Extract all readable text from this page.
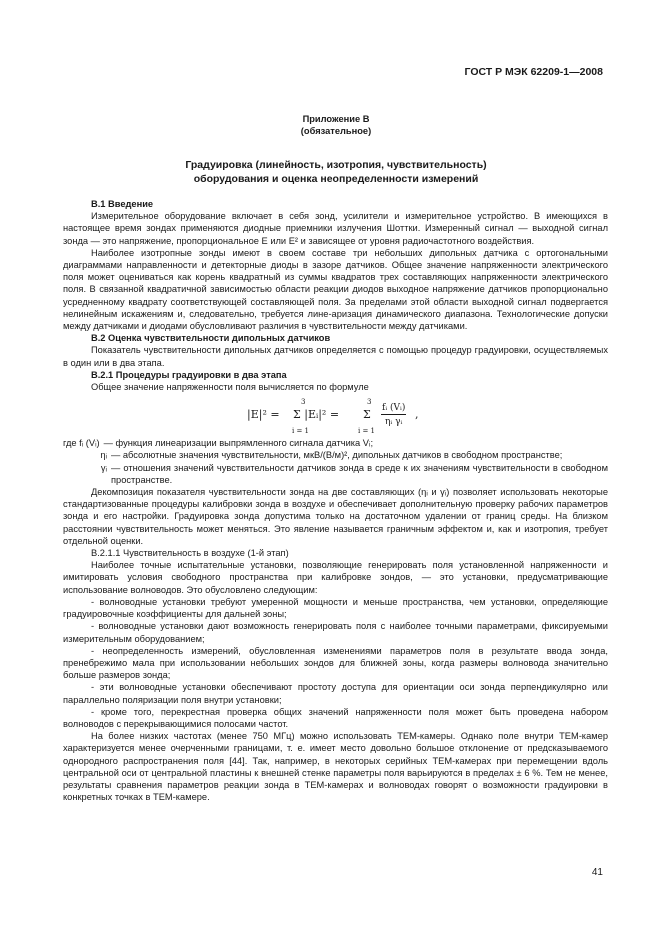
ГОСТ Р МЭК 62209-1—2008
Приложение В
(обязательное)
Градуировка (линейность, изотропия, чувствительность)
оборудования и оценка неопределенности измерений

В.1 Введение

Измерительное оборудование включает в себя зонд, усилители и измерительное устройство. В имеющихся в настоящее время зондах применяются диодные приемники излучения Шоттки. Измеренный сигнал — выходной сигнал зонда — это напряжение, пропорциональное E или E² и зависящее от уровня радиочастотного воздействия.

Наиболее изотропные зонды имеют в своем составе три небольших дипольных датчика с ортогональными диаграммами направленности и детекторные диоды в зазоре датчиков. Общее значение напряженности электрического поля может оцениваться как корень квадратный из суммы квадратов трех составляющих напряженности электрического поля. В связанной квадратичной зависимостью области реакции диодов выходное напряжение датчиков пропорционально усредненному квадрату соответствующей составляющей поля. За пределами этой области выходной сигнал подвергается нелинейным искажениям и, следовательно, требуется лине-аризация динамического диапазона. Технологические допуски между датчиками и диодами обусловливают различия в чувствительности между датчиками.

В.2 Оценка чувствительности дипольных датчиков

Показатель чувствительности дипольных датчиков определяется с помощью процедур градуировки, осуществляемых в один или в два этапа.

В.2.1 Процедуры градуировки в два этапа

Общее значение напряженности поля вычисляется по формуле

|E|² =
3
Σ |Eᵢ|² =
i = 1
3
Σ
i = 1
fᵢ (Vᵢ)
ηᵢ γᵢ
,
где fᵢ (Vᵢ) — функция линеаризации выпрямленного сигнала датчика Vᵢ;
ηᵢ — абсолютные значения чувствительности, мкВ/(В/м)², дипольных датчиков в свободном пространстве;
γᵢ — отношения значений чувствительности датчиков зонда в среде к их значениям чувствительности в свободном пространстве.

Декомпозиция показателя чувствительности зонда на две составляющих (ηᵢ и γᵢ) позволяет использовать некоторые стандартизованные процедуры калибровки зонда в воздухе и обеспечивает дополнительную проверку рабочих параметров зонда и его настройки. Градуировка зонда допустима только на достаточном удалении от границ среды. На близком расстоянии чувствительность может меняться. Это явление называется граничным эффектом и, как и изотропия, требует отдельной оценки.

В.2.1.1 Чувствительность в воздухе (1-й этап)

Наиболее точные испытательные установки, позволяющие генерировать поля установленной напряженности и имитировать условия свободного пространства при калибровке зондов, — это установки, предусматривающие использование волноводов. Это обусловлено следующим:

- волноводные установки требуют умеренной мощности и меньше пространства, чем установки, определяющие градуировочные коэффициенты для дальней зоны;

- волноводные установки дают возможность генерировать поля с наиболее точными параметрами, фиксируемыми измерительным оборудованием;

- неопределенность измерений, обусловленная изменениями параметров поля в результате ввода зонда, пренебрежимо мала при использовании небольших зондов для ближней зоны, когда размеры волновода значительно больше размеров зонда;

- эти волноводные установки обеспечивают простоту доступа для ориентации оси зонда перпендикулярно или параллельно поляризации поля внутри установки;

- кроме того, перекрестная проверка общих значений напряженности поля может быть проведена набором волноводов с перекрывающимися полосами частот.

На более низких частотах (менее 750 МГц) можно использовать ТЕМ-камеры. Однако поле внутри ТЕМ-камер характеризуется менее очерченными границами, т. е. имеет место довольно большое отклонение от предсказываемого однородного распространения поля [44]. Так, например, в некоторых серийных ТЕМ-камерах при перемещении вдоль центральной оси от центральной пластины к внешней стенке параметры поля варьируются в пределах ± 6 %. Тем не менее, результаты сравнения параметров реакции зонда в ТЕМ-камерах и волноводах говорят о возможности градуировки в конкретных точках в ТЕМ-камере.

41
